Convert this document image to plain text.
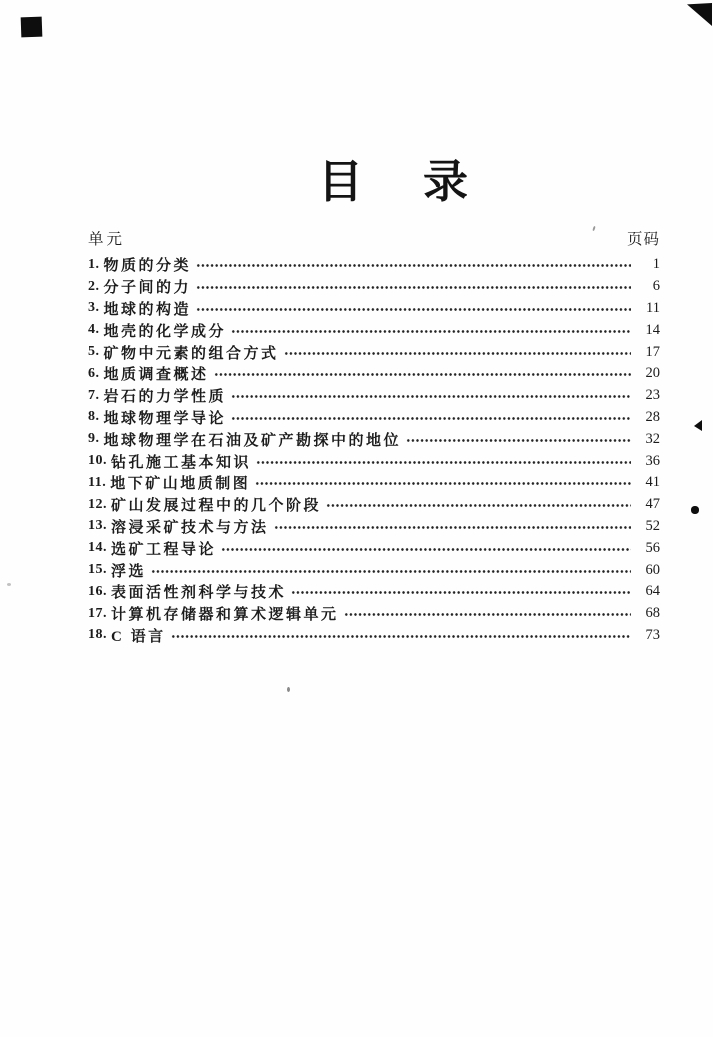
目 录
单元	页码
1. 物质的分类	1
2. 分子间的力	6
3. 地球的构造	11
4. 地壳的化学成分	14
5. 矿物中元素的组合方式	17
6. 地质调查概述	20
7. 岩石的力学性质	23
8. 地球物理学导论	28
9. 地球物理学在石油及矿产勘探中的地位	32
10. 钻孔施工基本知识	36
11. 地下矿山地质制图	41
12. 矿山发展过程中的几个阶段	47
13. 溶浸采矿技术与方法	52
14. 选矿工程导论	56
15. 浮选	60
16. 表面活性剂科学与技术	64
17. 计算机存储器和算术逻辑单元	68
18. C 语言	73
